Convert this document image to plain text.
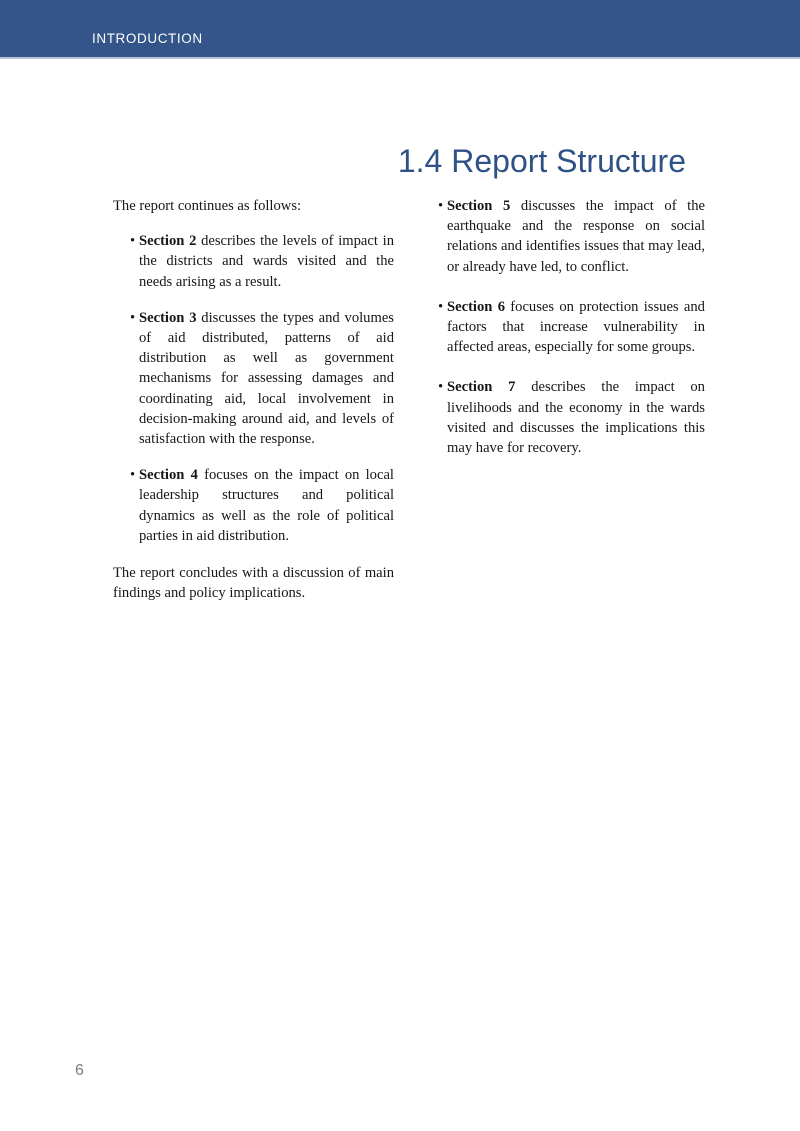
INTRODUCTION
1.4 Report Structure

The report continues as follows:

• Section 2 describes the levels of impact in the districts and wards visited and the needs arising as a result.
• Section 3 discusses the types and volumes of aid distributed, patterns of aid distribution as well as government mechanisms for assessing damages and coordinating aid, local involvement in decision-making around aid, and levels of satisfaction with the response.
• Section 4 focuses on the impact on local leadership structures and political dynamics as well as the role of political parties in aid distribution.

The report concludes with a discussion of main findings and policy implications.

• Section 5 discusses the impact of the earthquake and the response on social relations and identifies issues that may lead, or already have led, to conflict.
• Section 6 focuses on protection issues and factors that increase vulnerability in affected areas, especially for some groups.
• Section 7 describes the impact on livelihoods and the economy in the wards visited and discusses the implications this may have for recovery.
6
